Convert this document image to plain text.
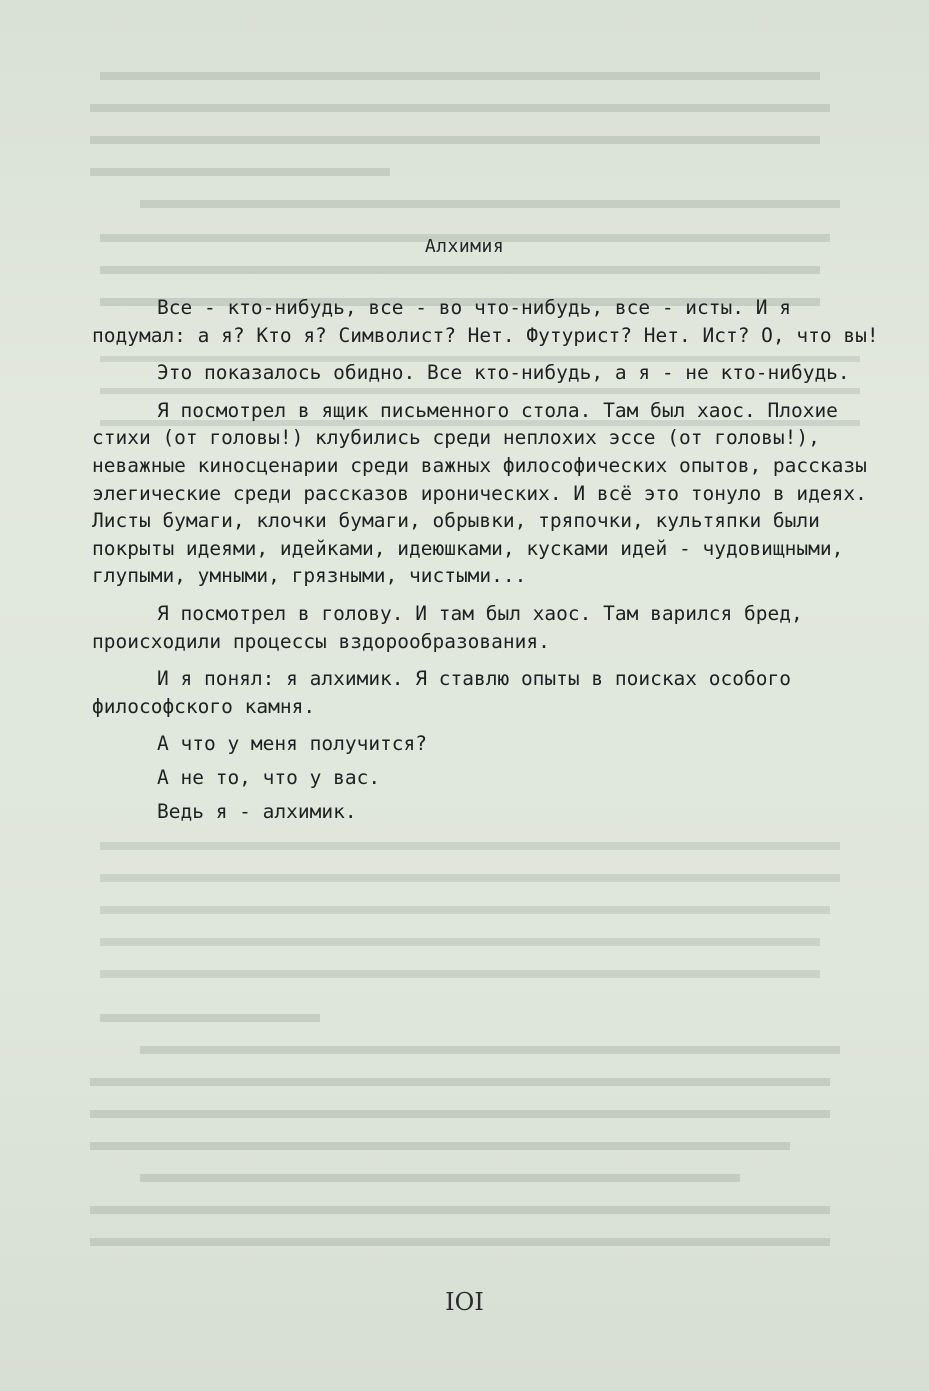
Алхимия

Все - кто-нибудь, все - во что-нибудь, все - исты. И я подумал: а я? Кто я? Символист? Нет. Футурист? Нет. Ист? О, что вы!

Это показалось обидно. Все кто-нибудь, а я - не кто-нибудь.

Я посмотрел в ящик письменного стола. Там был хаос. Плохие стихи (от головы!) клубились среди неплохих эссе (от головы!), неважные киносценарии среди важных философических опытов, рассказы элегические среди рассказов иронических. И всё это тонуло в идеях. Листы бумаги, клочки бумаги, обрывки, тряпочки, культяпки были покрыты идеями, идейками, идеюшками, кусками идей - чудовищными, глупыми, умными, грязными, чистыми...

Я посмотрел в голову. И там был хаос. Там варился бред, происходили процессы вздорообразования.

И я понял: я алхимик. Я ставлю опыты в поисках особого философского камня.

А что у меня получится?

А не то, что у вас.

Ведь я - алхимик.

IOI
